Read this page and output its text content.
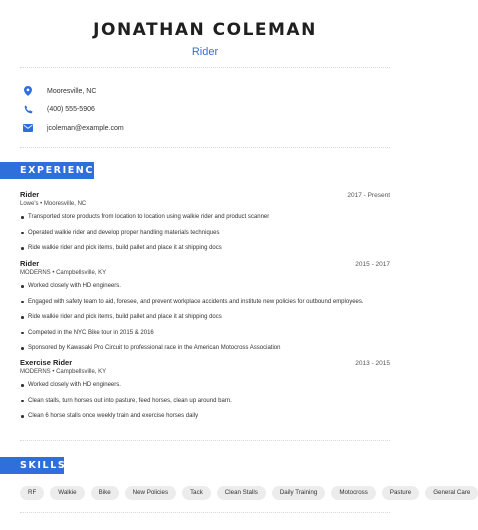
JONATHAN COLEMAN
Rider
Mooresville, NC
(400) 555-5906
jcoleman@example.com
EXPERIENCE
Rider	2017 - Present
Lowe's • Mooresville, NC
Transported store products from location to location using walkie rider and product scanner
Operated walkie rider and develop proper handling materials techniques
Ride walkie rider and pick items, build pallet and place it at shipping docs
Rider	2015 - 2017
MODERNS • Campbellsville, KY
Worked closely with HD engineers.
Engaged with safety team to aid, foresee, and prevent workplace accidents and institute new policies for outbound employees.
Ride walkie rider and pick items, build pallet and place it at shipping docs
Competed in the NYC Bike tour in 2015 & 2016
Sponsored by Kawasaki Pro Circuit to professional race in the American Motocross Association
Exercise Rider	2013 - 2015
MODERNS • Campbellsville, KY
Worked closely with HD engineers.
Clean stalls, turn horses out into pasture, feed horses, clean up around barn.
Clean 6 horse stalls once weekly train and exercise horses daily
SKILLS
RF	Walkie	Bike	New Policies	Tack	Clean Stalls	Daily Training	Motocross	Pasture	General Care
